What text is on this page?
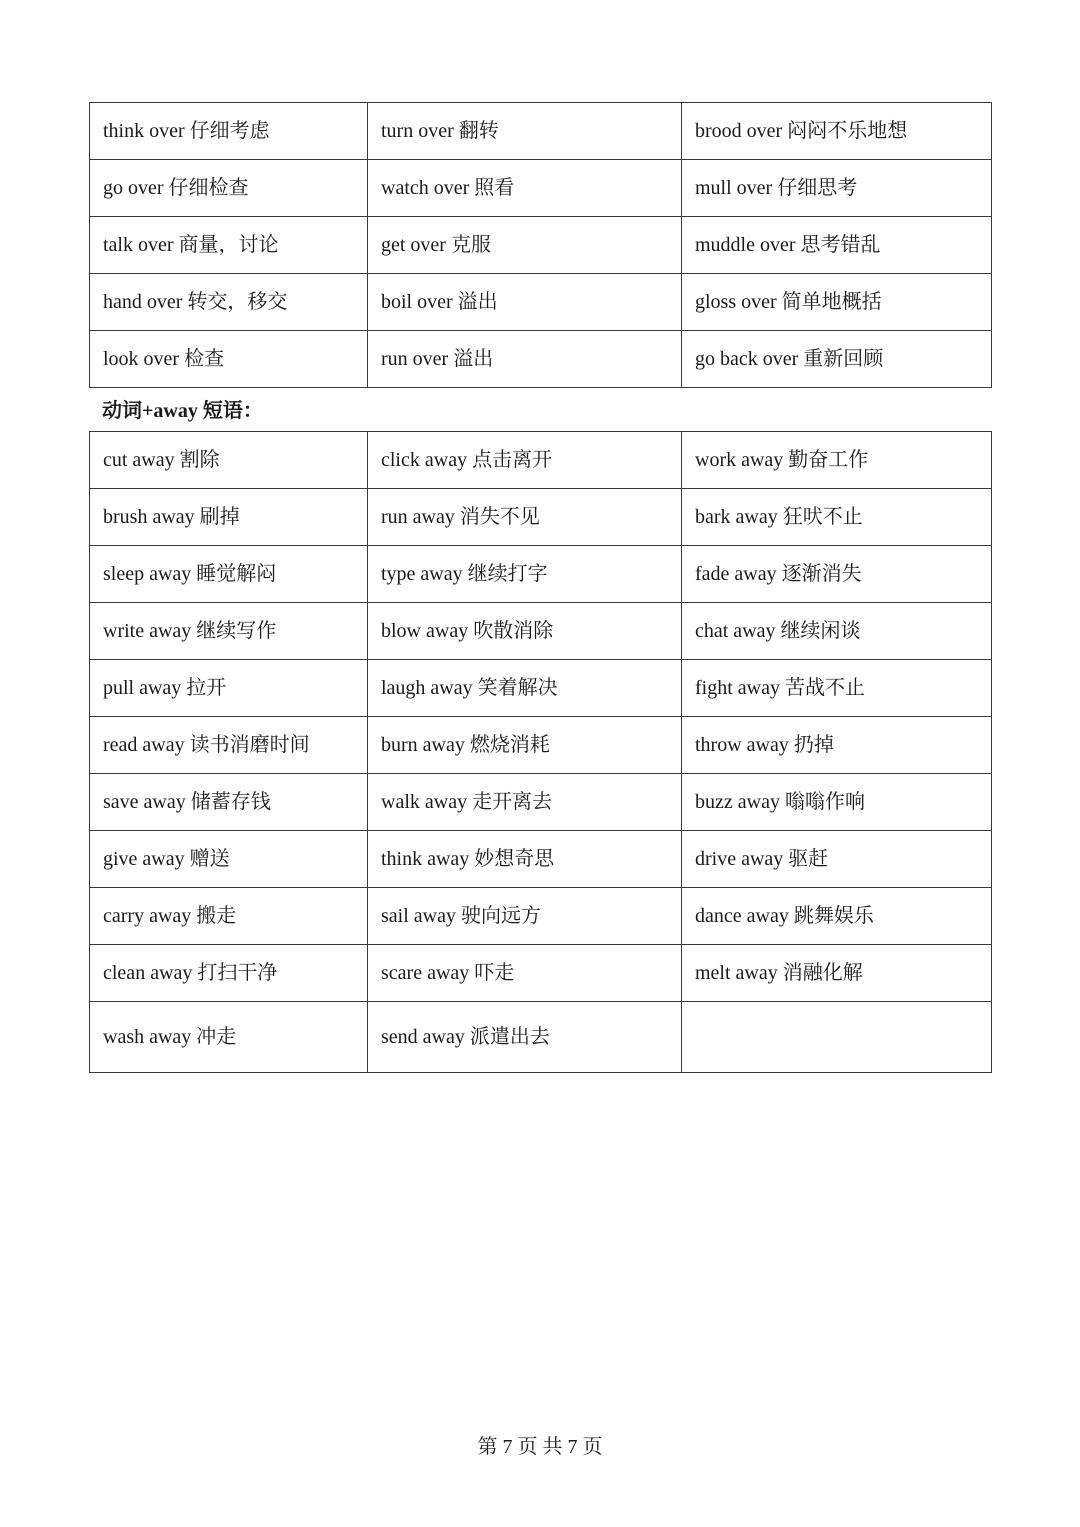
think over 仔细考虑	turn over 翻转	brood over 闷闷不乐地想
go over 仔细检查	watch over 照看	mull over 仔细思考
talk over 商量，讨论	get over 克服	muddle over 思考错乱
hand over 转交，移交	boil over 溢出	gloss over 简单地概括
look over 检查	run over 溢出	go back over 重新回顾
动词+away 短语：
cut away 割除	click away 点击离开	work away 勤奋工作
brush away 刷掉	run away 消失不见	bark away 狂吠不止
sleep away 睡觉解闷	type away 继续打字	fade away 逐渐消失
write away 继续写作	blow away 吹散消除	chat away 继续闲谈
pull away 拉开	laugh away 笑着解决	fight away 苦战不止
read away 读书消磨时间	burn away 燃烧消耗	throw away 扔掉
save away 储蓄存钱	walk away 走开离去	buzz away 嗡嗡作响
give away 赠送	think away 妙想奇思	drive away 驱赶
carry away 搬走	sail away 驶向远方	dance away 跳舞娱乐
clean away 打扫干净	scare away 吓走	melt away 消融化解
wash away 冲走	send away 派遣出去	
第 7 页 共 7 页
